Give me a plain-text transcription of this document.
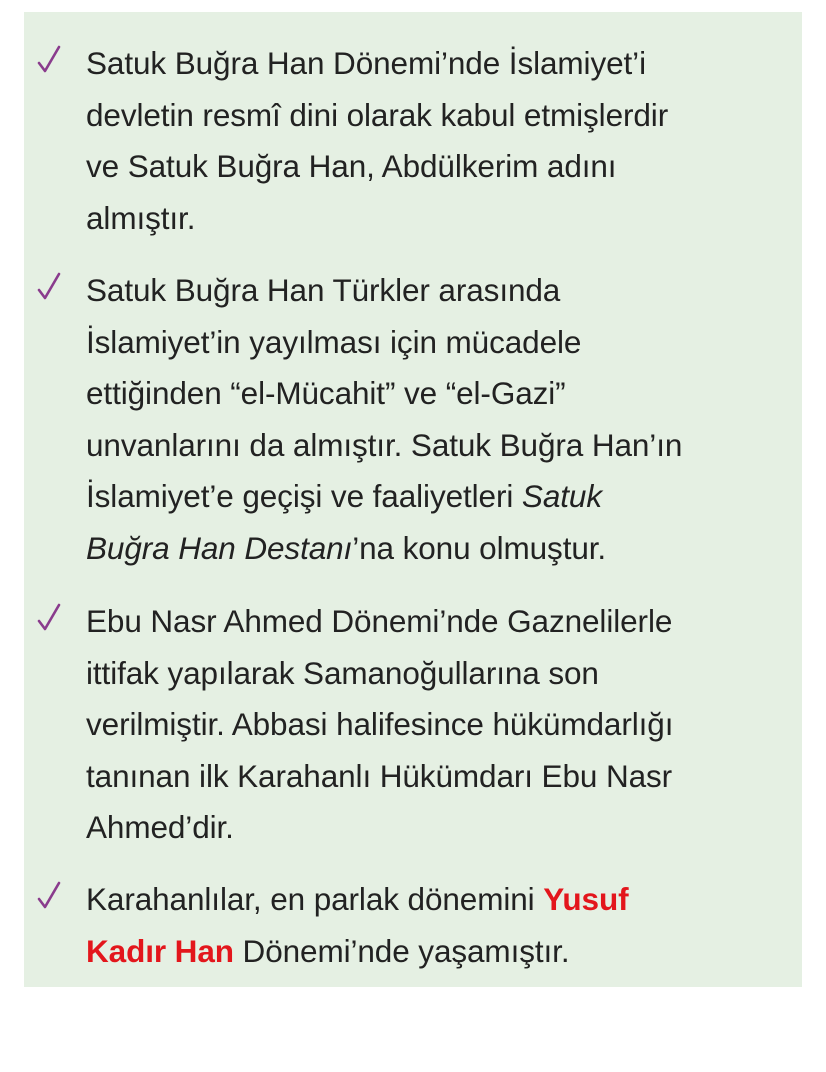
Satuk Buğra Han Dönemi’nde İslamiyet’i
devletin resmî dini olarak kabul etmişlerdir
ve Satuk Buğra Han, Abdülkerim adını
almıştır.

Satuk Buğra Han Türkler arasında
İslamiyet’in yayılması için mücadele
ettiğinden “el-Mücahit” ve “el-Gazi”
unvanlarını da almıştır. Satuk Buğra Han’ın
İslamiyet’e geçişi ve faaliyetleri Satuk
Buğra Han Destanı’na konu olmuştur.

Ebu Nasr Ahmed Dönemi’nde Gaznelilerle
ittifak yapılarak Samanoğullarına son
verilmiştir. Abbasi halifesince hükümdarlığı
tanınan ilk Karahanlı Hükümdarı Ebu Nasr
Ahmed’dir.

Karahanlılar, en parlak dönemini Yusuf
Kadır Han Dönemi’nde yaşamıştır.
